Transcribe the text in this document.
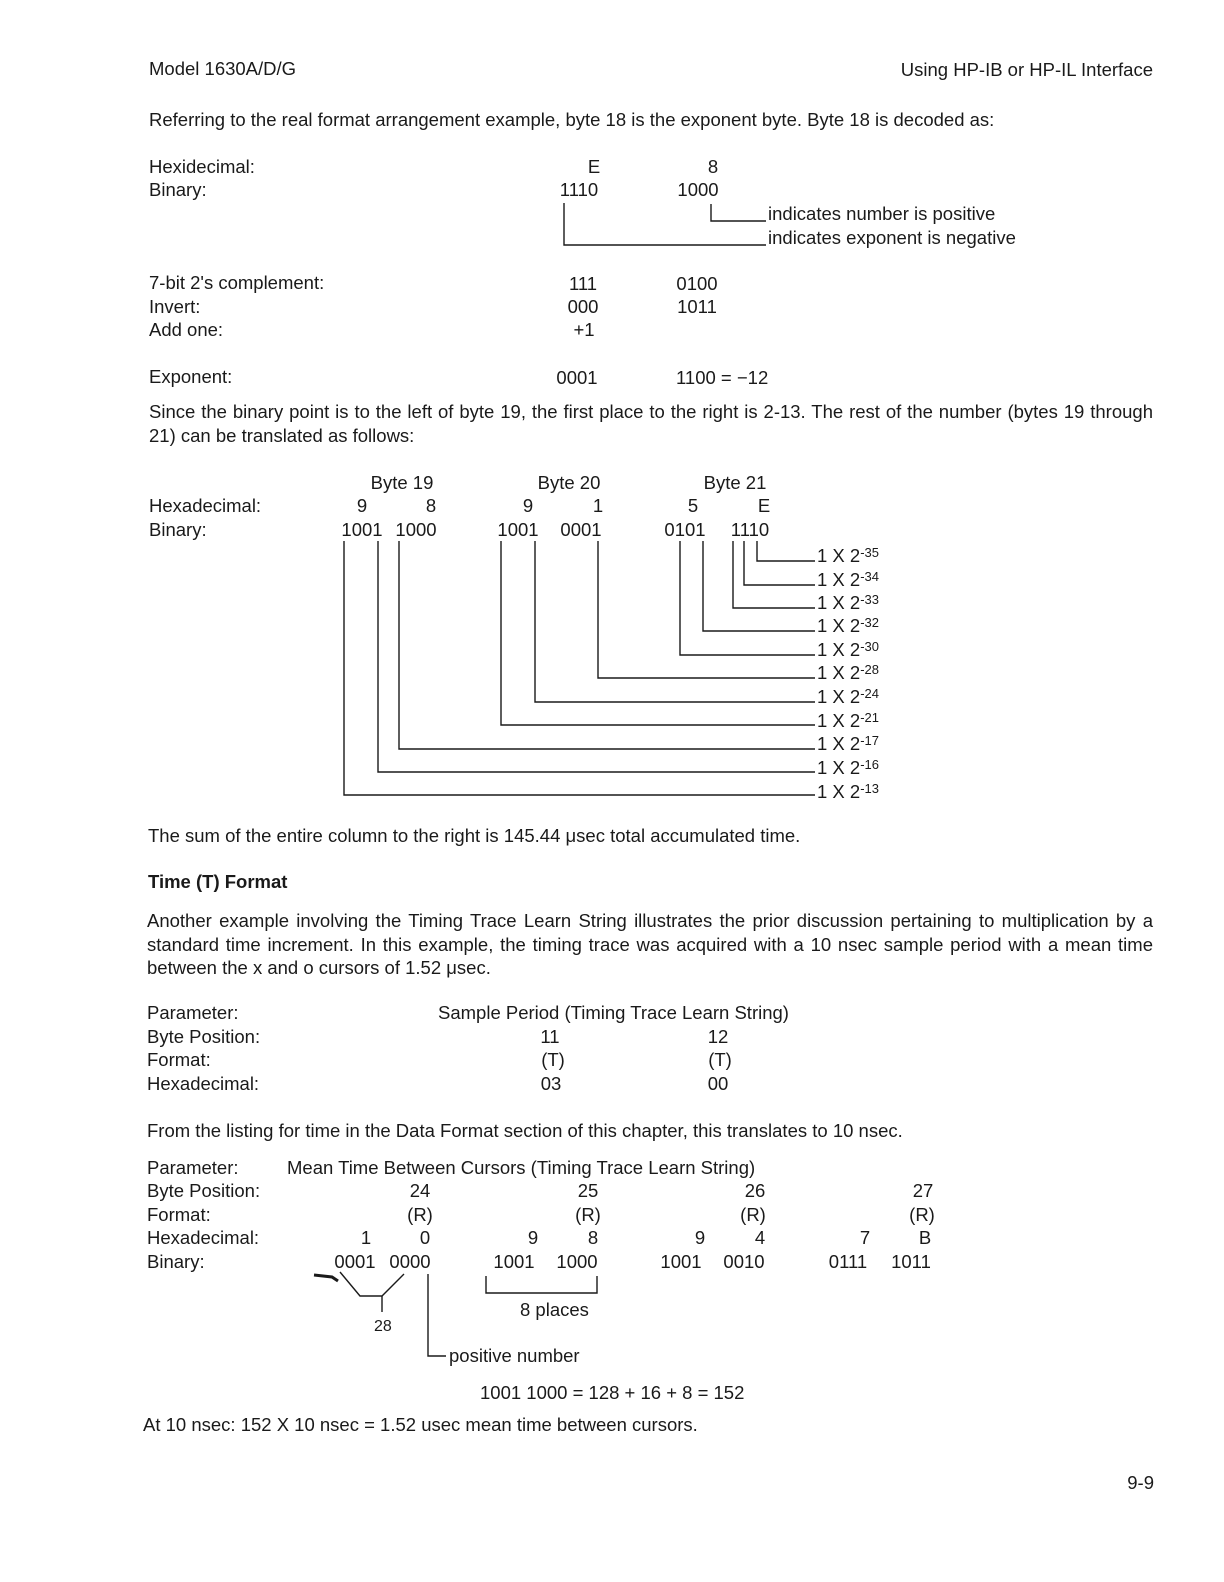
Model 1630A/D/G	Using HP-IB or HP-IL Interface
Referring to the real format arrangement example, byte 18 is the exponent byte. Byte 18 is decoded as:
Hexidecimal:	E	8
Binary:	1110	1000
indicates number is positive
indicates exponent is negative
7-bit 2's complement:	111	0100
Invert:	000	1011
Add one:	+1
Exponent:	0001	1100 = −12
Since the binary point is to the left of byte 19, the first place to the right is 2-13. The rest of the number (bytes 19 through 21) can be translated as follows:
Byte 19	Byte 20	Byte 21
Hexadecimal:	9	8	9	1	5	E
Binary:	1001 1000	1001 0001	0101 1110
1 X $2^{-35}$
1 X $2^{-34}$
1 X $2^{-33}$
1 X $2^{-32}$
1 X $2^{-30}$
1 X $2^{-28}$
1 X $2^{-24}$
1 X $2^{-21}$
1 X $2^{-17}$
1 X $2^{-16}$
1 X $2^{-13}$
The sum of the entire column to the right is 145.44 μsec total accumulated time.
Time (T) Format
Another example involving the Timing Trace Learn String illustrates the prior discussion pertaining to multiplication by a standard time increment. In this example, the timing trace was acquired with a 10 nsec sample period with a mean time between the x and o cursors of 1.52 μsec.
Parameter:	Sample Period (Timing Trace Learn String)
Byte Position:	11	12
Format:	(T)	(T)
Hexadecimal:	03	00
From the listing for time in the Data Format section of this chapter, this translates to 10 nsec.
Parameter:	Mean Time Between Cursors (Timing Trace Learn String)
Byte Position:	24	25	26	27
Format:	(R)	(R)	(R)	(R)
Hexadecimal:	1	0	9	8	9	4	7	B
Binary:	0001 0000	1001 1000	1001 0010	0111 1011
8 places
28
positive number
1001 1000 = 128 + 16 + 8 = 152
At 10 nsec: 152 X 10 nsec = 1.52 usec mean time between cursors.
9-9
